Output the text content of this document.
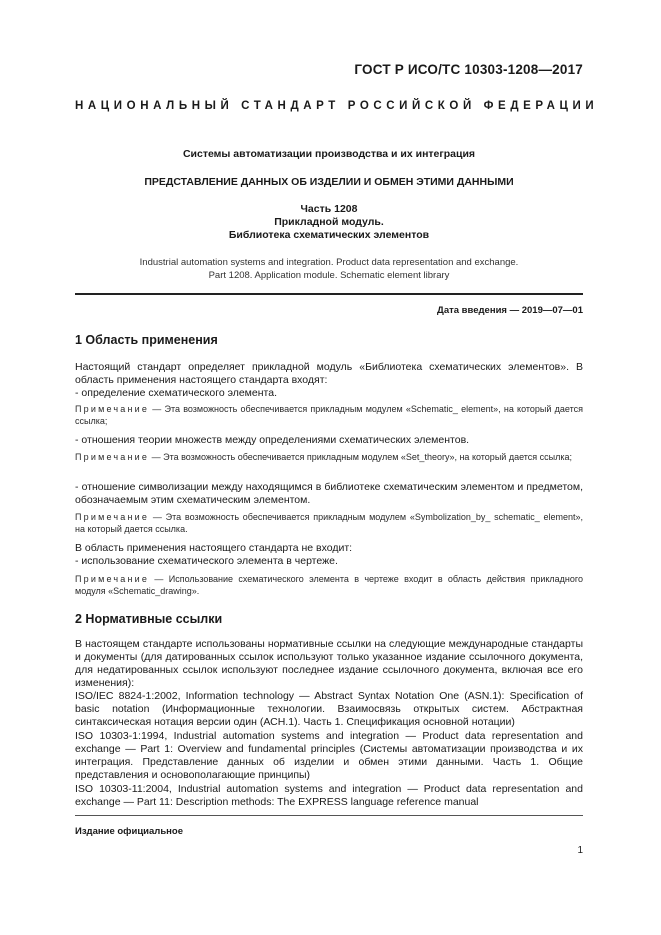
ГОСТ Р ИСО/ТС 10303-1208—2017
НАЦИОНАЛЬНЫЙ СТАНДАРТ РОССИЙСКОЙ ФЕДЕРАЦИИ
Системы автоматизации производства и их интеграция
ПРЕДСТАВЛЕНИЕ ДАННЫХ ОБ ИЗДЕЛИИ И ОБМЕН ЭТИМИ ДАННЫМИ
Часть 1208
Прикладной модуль.
Библиотека схематических элементов
Industrial automation systems and integration. Product data representation and exchange.
Part 1208. Application module. Schematic element library
Дата введения — 2019—07—01
1 Область применения
Настоящий стандарт определяет прикладной модуль «Библиотека схематических элементов». В область применения настоящего стандарта входят:
- определение схематического элемента.
Примечание — Эта возможность обеспечивается прикладным модулем «Schematic_ element», на который дается ссылка;
- отношения теории множеств между определениями схематических элементов.
Примечание — Эта возможность обеспечивается прикладным модулем «Set_theory», на который дается ссылка;
- отношение символизации между находящимся в библиотеке схематическим элементом и предметом, обозначаемым этим схематическим элементом.
Примечание — Эта возможность обеспечивается прикладным модулем «Symbolization_by_ schematic_ element», на который дается ссылка.
В область применения настоящего стандарта не входит:
- использование схематического элемента в чертеже.
Примечание — Использование схематического элемента в чертеже входит в область действия прикладного модуля «Schematic_drawing».
2 Нормативные ссылки
В настоящем стандарте использованы нормативные ссылки на следующие международные стандарты и документы (для датированных ссылок используют только указанное издание ссылочного документа, для недатированных ссылок используют последнее издание ссылочного документа, включая все его изменения):
ISO/IEC 8824-1:2002, Information technology — Abstract Syntax Notation One (ASN.1): Specification of basic notation (Информационные технологии. Взаимосвязь открытых систем. Абстрактная синтаксическая нотация версии один (АСН.1). Часть 1. Спецификация основной нотации)
ISO 10303-1:1994, Industrial automation systems and integration — Product data representation and exchange — Part 1: Overview and fundamental principles (Системы автоматизации производства и их интеграция. Представление данных об изделии и обмен этими данными. Часть 1. Общие представления и основополагающие принципы)
ISO 10303-11:2004, Industrial automation systems and integration — Product data representation and exchange — Part 11: Description methods: The EXPRESS language reference manual
Издание официальное
1
